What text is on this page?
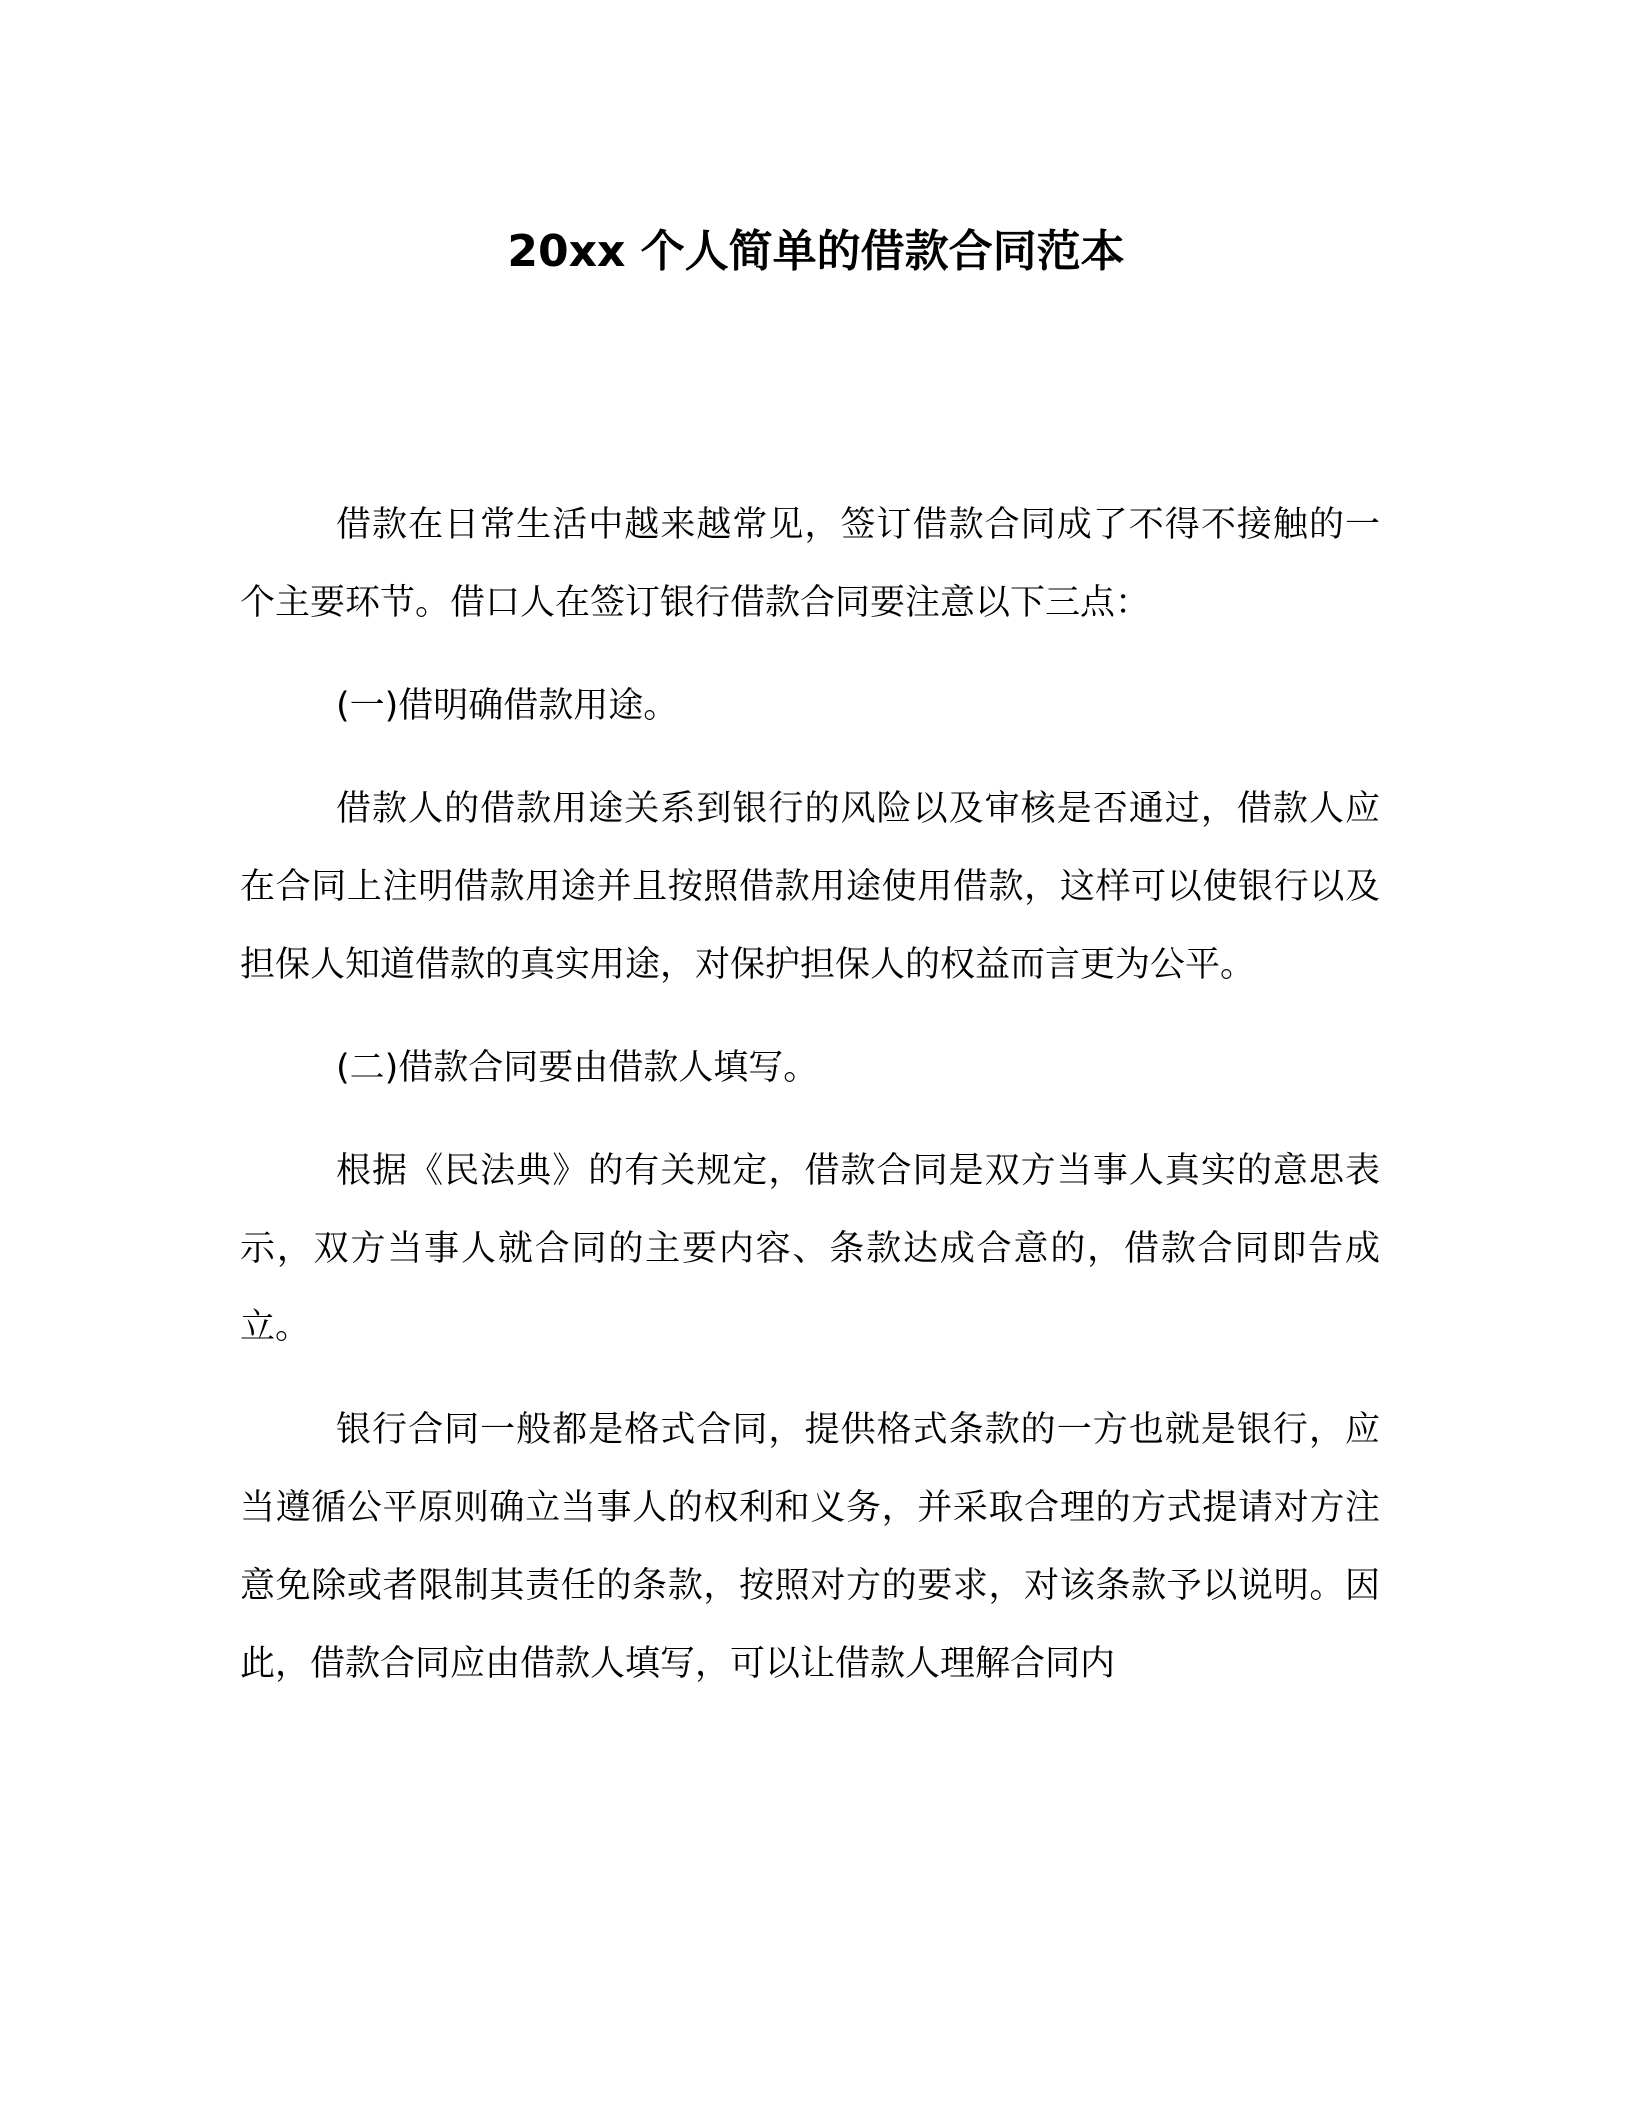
20xx 个人简单的借款合同范本

借款在日常生活中越来越常见，签订借款合同成了不得不接触的一个主要环节。借口人在签订银行借款合同要注意以下三点：

(一)借明确借款用途。

借款人的借款用途关系到银行的风险以及审核是否通过，借款人应在合同上注明借款用途并且按照借款用途使用借款，这样可以使银行以及担保人知道借款的真实用途，对保护担保人的权益而言更为公平。

(二)借款合同要由借款人填写。

根据《民法典》的有关规定，借款合同是双方当事人真实的意思表示，双方当事人就合同的主要内容、条款达成合意的，借款合同即告成立。

银行合同一般都是格式合同，提供格式条款的一方也就是银行，应当遵循公平原则确立当事人的权利和义务，并采取合理的方式提请对方注意免除或者限制其责任的条款，按照对方的要求，对该条款予以说明。因此，借款合同应由借款人填写，可以让借款人理解合同内
